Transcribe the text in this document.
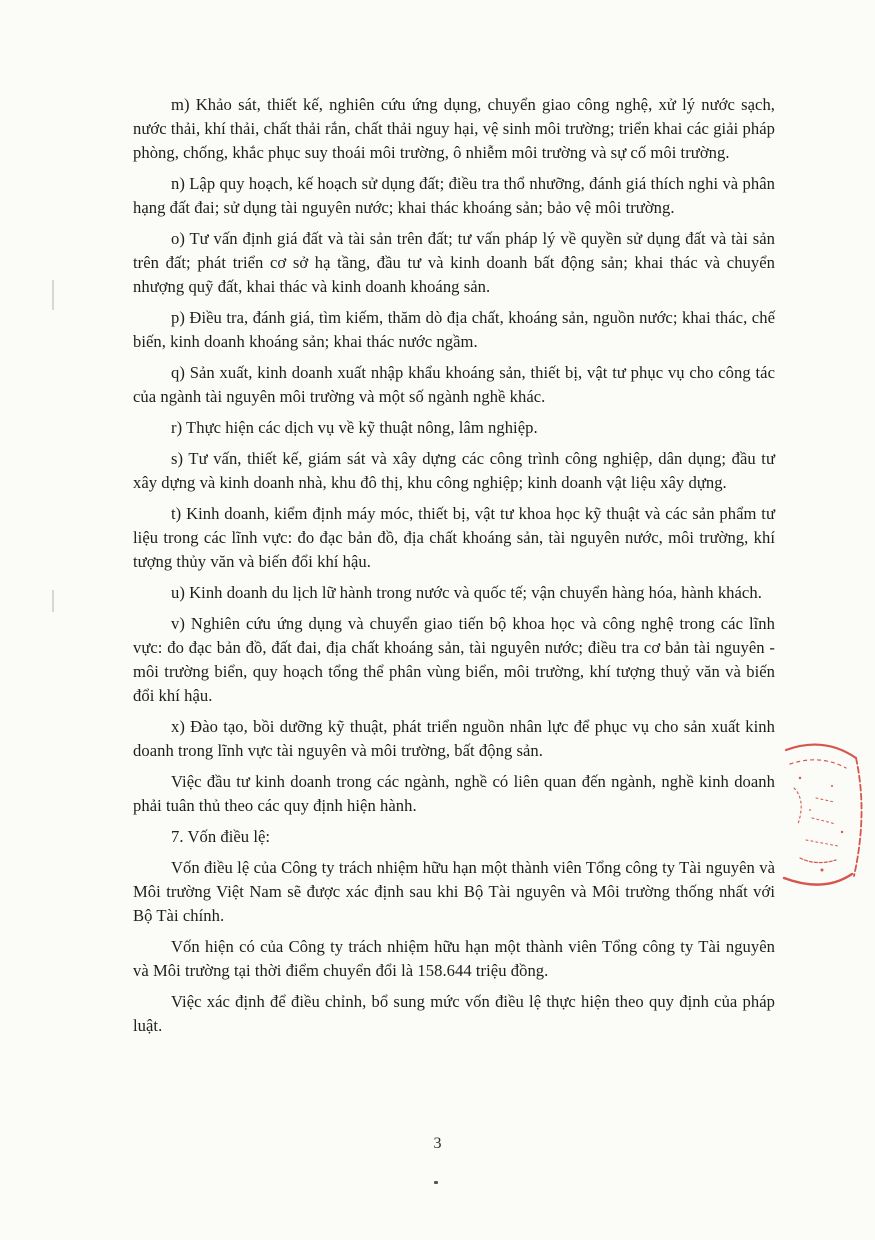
m) Khảo sát, thiết kế, nghiên cứu ứng dụng, chuyển giao công nghệ, xử lý nước sạch, nước thải, khí thải, chất thải rắn, chất thải nguy hại, vệ sinh môi trường; triển khai các giải pháp phòng, chống, khắc phục suy thoái môi trường, ô nhiễm môi trường và sự cố môi trường.

n) Lập quy hoạch, kế hoạch sử dụng đất; điều tra thổ nhưỡng, đánh giá thích nghi và phân hạng đất đai; sử dụng tài nguyên nước; khai thác khoáng sản; bảo vệ môi trường.

o) Tư vấn định giá đất và tài sản trên đất; tư vấn pháp lý về quyền sử dụng đất và tài sản trên đất; phát triển cơ sở hạ tầng, đầu tư và kinh doanh bất động sản; khai thác và chuyển nhượng quỹ đất, khai thác và kinh doanh khoáng sản.

p) Điều tra, đánh giá, tìm kiếm, thăm dò địa chất, khoáng sản, nguồn nước; khai thác, chế biến, kinh doanh khoáng sản; khai thác nước ngầm.

q) Sản xuất, kinh doanh xuất nhập khẩu khoáng sản, thiết bị, vật tư phục vụ cho công tác của ngành tài nguyên môi trường và một số ngành nghề khác.

r) Thực hiện các dịch vụ về kỹ thuật nông, lâm nghiệp.

s) Tư vấn, thiết kế, giám sát và xây dựng các công trình công nghiệp, dân dụng; đầu tư xây dựng và kinh doanh nhà, khu đô thị, khu công nghiệp; kinh doanh vật liệu xây dựng.

t) Kinh doanh, kiểm định máy móc, thiết bị, vật tư khoa học kỹ thuật và các sản phẩm tư liệu trong các lĩnh vực: đo đạc bản đồ, địa chất khoáng sản, tài nguyên nước, môi trường, khí tượng thủy văn và biến đổi khí hậu.

u) Kinh doanh du lịch lữ hành trong nước và quốc tế; vận chuyển hàng hóa, hành khách.

v) Nghiên cứu ứng dụng và chuyển giao tiến bộ khoa học và công nghệ trong các lĩnh vực: đo đạc bản đồ, đất đai, địa chất khoáng sản, tài nguyên nước; điều tra cơ bản tài nguyên - môi trường biển, quy hoạch tổng thể phân vùng biển, môi trường, khí tượng thuỷ văn và biến đổi khí hậu.

x) Đào tạo, bồi dưỡng kỹ thuật, phát triển nguồn nhân lực để phục vụ cho sản xuất kinh doanh trong lĩnh vực tài nguyên và môi trường, bất động sản.

Việc đầu tư kinh doanh trong các ngành, nghề có liên quan đến ngành, nghề kinh doanh phải tuân thủ theo các quy định hiện hành.

7. Vốn điều lệ:

Vốn điều lệ của Công ty trách nhiệm hữu hạn một thành viên Tổng công ty Tài nguyên và Môi trường Việt Nam sẽ được xác định sau khi Bộ Tài nguyên và Môi trường thống nhất với Bộ Tài chính.

Vốn hiện có của Công ty trách nhiệm hữu hạn một thành viên Tổng công ty Tài nguyên và Môi trường tại thời điểm chuyển đổi là 158.644 triệu đồng.

Việc xác định để điều chỉnh, bổ sung mức vốn điều lệ thực hiện theo quy định của pháp luật.

3
